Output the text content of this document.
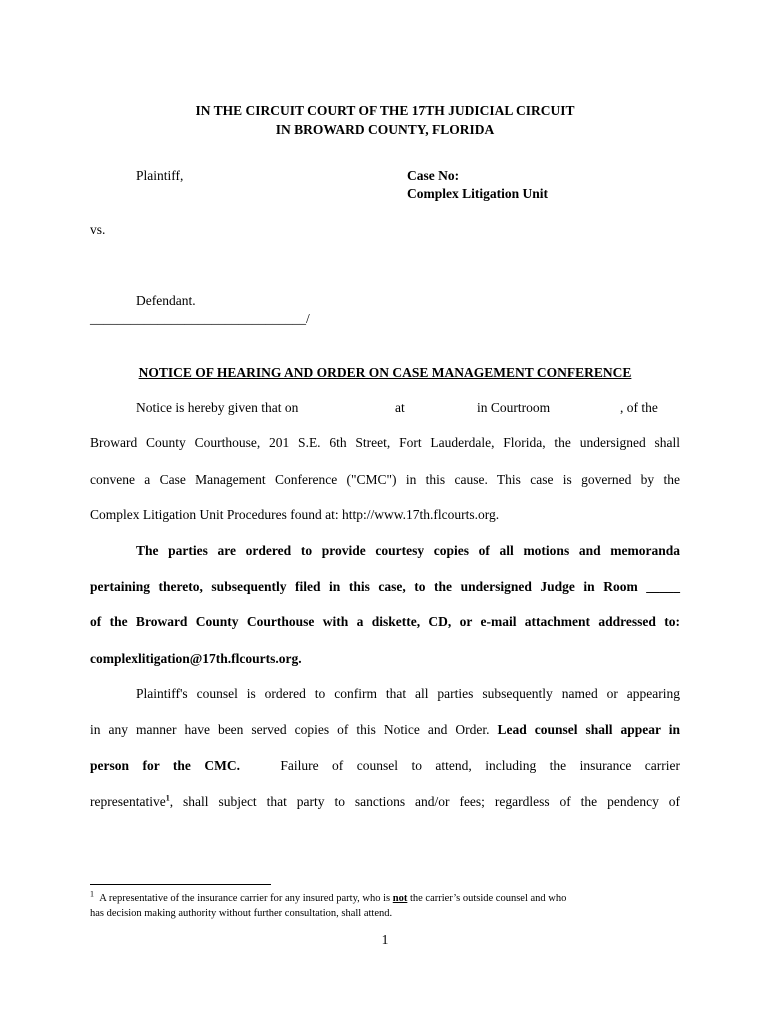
IN THE CIRCUIT COURT OF THE 17TH JUDICIAL CIRCUIT
IN BROWARD COUNTY, FLORIDA
Plaintiff,	Case No:
Complex Litigation Unit
vs.
Defendant.
________________________________/
NOTICE OF HEARING AND ORDER ON CASE MANAGEMENT CONFERENCE
Notice is hereby given that on	at	in Courtroom	, of the
Broward County Courthouse, 201 S.E. 6th Street, Fort Lauderdale, Florida, the undersigned shall
convene a Case Management Conference ("CMC") in this cause. This case is governed by the
Complex Litigation Unit Procedures found at: http://www.17th.flcourts.org.
The parties are ordered to provide courtesy copies of all motions and memoranda
pertaining thereto, subsequently filed in this case, to the undersigned Judge in Room _____
of the Broward County Courthouse with a diskette, CD, or e-mail attachment addressed to:
complexlitigation@17th.flcourts.org.
Plaintiff's counsel is ordered to confirm that all parties subsequently named or appearing
in any manner have been served copies of this Notice and Order. Lead counsel shall appear in
person for the CMC.	Failure of counsel to attend, including the insurance carrier
representative$^1$, shall subject that party to sanctions and/or fees; regardless of the pendency of
$^1$ A representative of the insurance carrier for any insured party, who is not the carrier’s outside counsel and who
has decision making authority without further consultation, shall attend.
1
